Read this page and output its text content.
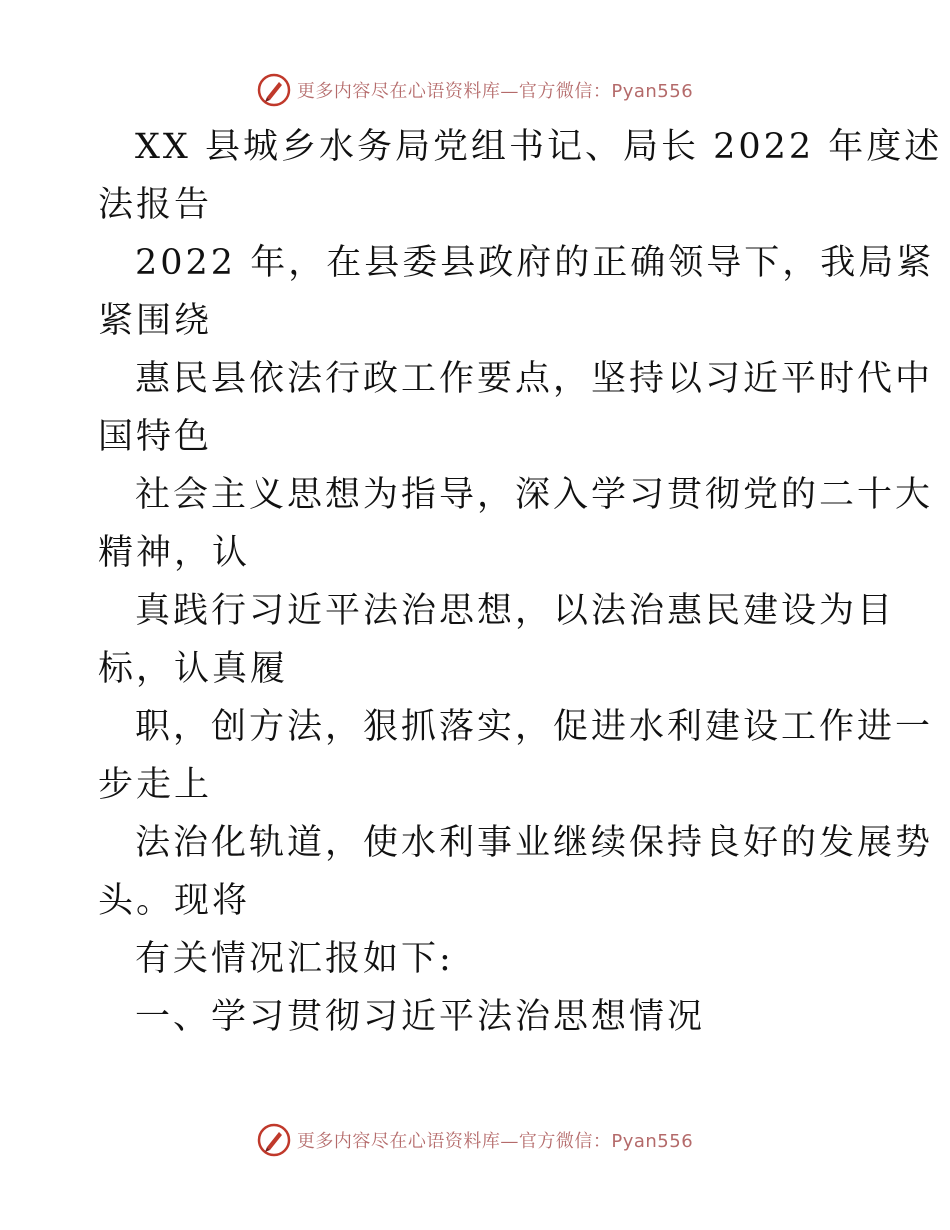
更多内容尽在心语资料库—官方微信：Pyan556
XX 县城乡水务局党组书记、局长 2022 年度述
法报告
2022 年，在县委县政府的正确领导下，我局紧
紧围绕
惠民县依法行政工作要点，坚持以习近平时代中
国特色
社会主义思想为指导，深入学习贯彻党的二十大
精神，认
真践行习近平法治思想，以法治惠民建设为目
标，认真履
职，创方法，狠抓落实，促进水利建设工作进一
步走上
法治化轨道，使水利事业继续保持良好的发展势
头。现将
有关情况汇报如下:
一、学习贯彻习近平法治思想情况
更多内容尽在心语资料库—官方微信：Pyan556
